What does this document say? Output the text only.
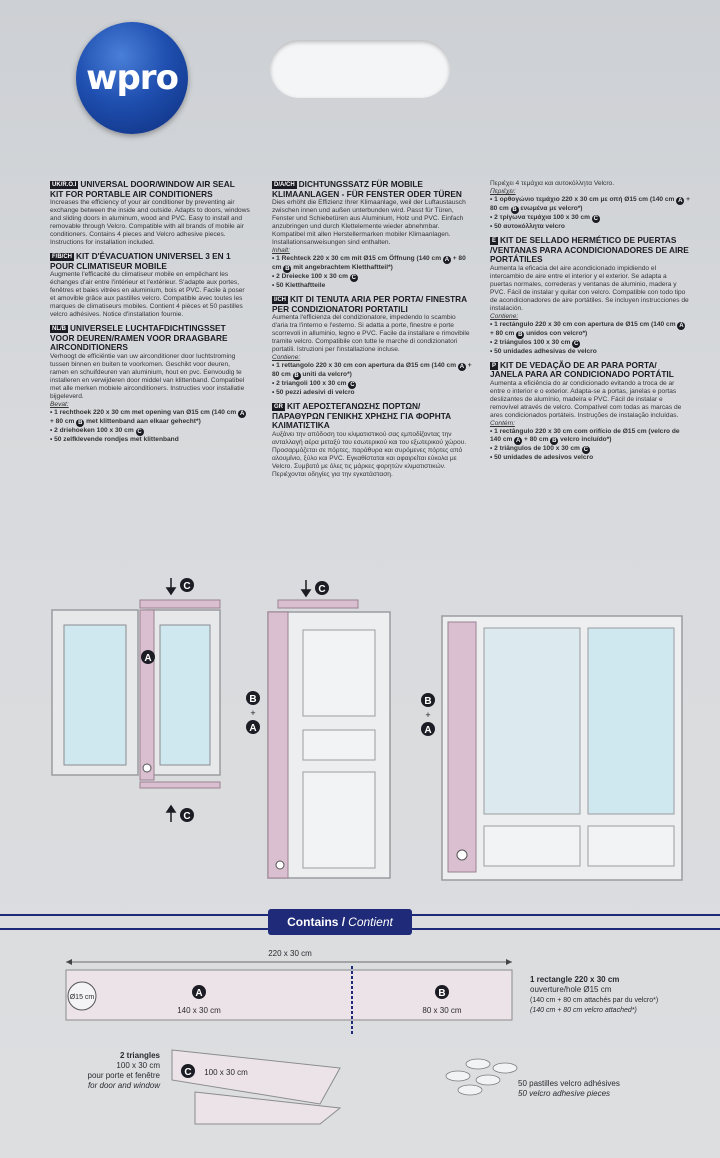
wpro
UK/R.O.I UNIVERSAL DOOR/WINDOW AIR SEAL KIT FOR PORTABLE AIR CONDITIONERS

Increases the efficiency of your air conditioner by preventing air exchange between the inside and outside. Adapts to doors, windows and sliding doors in aluminum, wood and PVC. Easy to install and removable through Velcro. Compatible with all brands of mobile air conditioners. Contains 4 pieces and Velcro adhesive pieces. Instructions for installation included.

F/B/CH KIT D'ÉVACUATION UNIVERSEL 3 EN 1 POUR CLIMATISEUR MOBILE

Augmente l'efficacité du climatiseur mobile en empêchant les échanges d'air entre l'intérieur et l'extérieur. S'adapte aux portes, fenêtres et baies vitrées en aluminium, bois et PVC. Facile à poser et amovible grâce aux pastilles velcro. Compatible avec toutes les marques de climatiseurs mobiles. Contient 4 pièces et 50 pastilles velcro adhésives. Notice d'installation fournie.

NL/B UNIVERSELE LUCHTAFDICHTINGSSET VOOR DEUREN/RAMEN VOOR DRAAGBARE AIRCONDITIONERS

Verhoogt de efficiëntie van uw airconditioner door luchtstroming tussen binnen en buiten te voorkomen. Geschikt voor deuren, ramen en schuifdeuren van aluminium, hout en pvc. Eenvoudig te installeren en verwijderen door middel van klittenband. Compatibel met alle merken mobiele airconditioners. Instructies voor installatie bijgeleverd.

Bevat:

• 1 rechthoek 220 x 30 cm met opening van Ø15 cm (140 cm A + 80 cm B met klittenband aan elkaar gehecht*)

• 2 driehoeken 100 x 30 cm C

• 50 zelfklevende rondjes met klittenband

D/A/CH DICHTUNGSSATZ FÜR MOBILE KLIMAANLAGEN - FÜR FENSTER ODER TÜREN

Dies erhöht die Effizienz Ihrer Klimaanlage, weil der Luftaustausch zwischen innen und außen unterbunden wird. Passt für Türen, Fenster und Schiebetüren aus Aluminium, Holz und PVC. Einfach anzubringen und durch Klettelemente wieder abnehmbar. Kompatibel mit allen Herstellermarken mobiler Klimaanlagen. Installationsanweisungen sind enthalten.

Inhalt:

• 1 Rechteck 220 x 30 cm mit Ø15 cm Öffnung (140 cm A + 80 cm B mit angebrachtem Kletthaftteil*)

• 2 Dreiecke 100 x 30 cm C

• 50 Kletthaftteile

I/CH KIT DI TENUTA ARIA PER PORTA/ FINESTRA PER CONDIZIONATORI PORTATILI

Aumenta l'efficienza del condizionatore, impedendo lo scambio d'aria tra l'interno e l'esterno. Si adatta a porte, finestre e porte scorrevoli in alluminio, legno e PVC. Facile da installare e rimovibile tramite velcro. Compatibile con tutte le marche di condizionatori portatili. Istruzioni per l'installazione incluse.

Contiene:

• 1 rettangolo 220 x 30 cm con apertura da Ø15 cm (140 cm A + 80 cm B uniti da velcro*)

• 2 triangoli 100 x 30 cm C

• 50 pezzi adesivi di velcro

GR ΚΙΤ ΑΕΡΟΣΤΕΓΑΝΩΣΗΣ ΠΟΡΤΩΝ/ΠΑΡΑΘΥΡΩΝ ΓΕΝΙΚΗΣ ΧΡΗΣΗΣ ΓΙΑ ΦΟΡΗΤΑ ΚΛΙΜΑΤΙΣΤΙΚΑ

Αυξάνει την απόδοση του κλιματιστικού σας εμποδίζοντας την ανταλλαγή αέρα μεταξύ του εσωτερικού και του εξωτερικού χώρου. Προσαρμόζεται σε πόρτες, παράθυρα και συρόμενες πόρτες από αλουμίνιο, ξύλο και PVC. Εγκαθίσταται και αφαιρείται εύκολα με Velcro. Συμβατό με όλες τις μάρκες φορητών κλιματιστικών. Περιέχονται οδηγίες για την εγκατάσταση.

Περιέχει 4 τεμάχια και αυτοκόλλητα Velcro.

Περιέχει:

• 1 ορθογώνιο τεμάχιο 220 x 30 cm με οπή Ø15 cm (140 cm A + 80 cm B ενωμένα με velcro*)

• 2 τρίγωνα τεμάχια 100 x 30 cm C

• 50 αυτοκόλλητα velcro

E KIT DE SELLADO HERMÉTICO DE PUERTAS /VENTANAS PARA ACONDICIONADORES DE AIRE PORTÁTILES

Aumenta la eficacia del aire acondicionado impidiendo el intercambio de aire entre el interior y el exterior. Se adapta a puertas normales, correderas y ventanas de aluminio, madera y PVC. Fácil de instalar y quitar con velcro. Compatible con todo tipo de acondicionadores de aire portátiles. Se incluyen instrucciones de instalación.

Contiene:

• 1 rectángulo 220 x 30 cm con apertura de Ø15 cm (140 cm A + 80 cm B unidos con velcro*)

• 2 triángulos 100 x 30 cm C

• 50 unidades adhesivas de velcro

P KIT DE VEDAÇÃO DE AR PARA PORTA/ JANELA PARA AR CONDICIONADO PORTÁTIL

Aumenta a eficiência do ar condicionado evitando a troca de ar entre o interior e o exterior. Adapta-se a portas, janelas e portas deslizantes de alumínio, madeira e PVC. Fácil de instalar e removível através de velcro. Compatível com todas as marcas de ares condicionados portáteis. Instruções de instalação incluídas.

Contém:

• 1 rectângulo 220 x 30 cm com orifício de Ø15 cm (velcro de 140 cm A + 80 cm B velcro incluído*)

• 2 triângulos de 100 x 30 cm C

• 50 unidades de adesivos velcro

C
A
C
C
B
A
B
A
+	+
Contains / Contient
A	B
C
220 x 30 cm
Ø15 cm
140 x 30 cm	80 x 30 cm
100 x 30 cm
1 rectangle 220 x 30 cm
ouverture/hole Ø15 cm
(140 cm + 80 cm attachés par du velcro*)
(140 cm + 80 cm velcro attached*)
2 triangles
100 x 30 cm
pour porte et fenêtre
for door and window	50 pastilles velcro adhésives
50 velcro adhesive pieces
